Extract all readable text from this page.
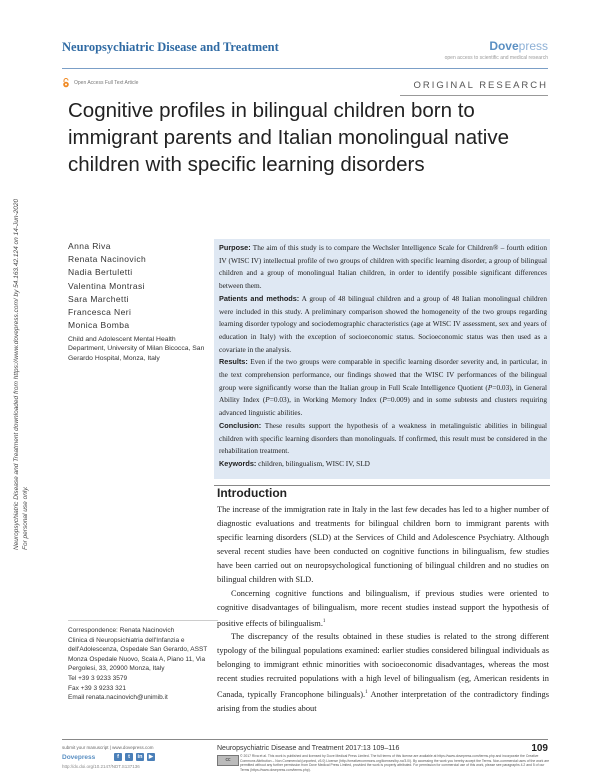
Neuropsychiatric Disease and Treatment	Dovepress
open access to scientific and medical research
Open Access Full Text Article	ORIGINAL RESEARCH
Cognitive profiles in bilingual children born to immigrant parents and Italian monolingual native children with specific learning disorders
Neuropsychiatric Disease and Treatment downloaded from https://www.dovepress.com/ by 54.163.42.124 on 14-Jun-2020 For personal use only.
Anna Riva
Renata Nacinovich
Nadia Bertuletti
Valentina Montrasi
Sara Marchetti
Francesca Neri
Monica Bomba
Child and Adolescent Mental Health Department, University of Milan Bicocca, San Gerardo Hospital, Monza, Italy
Correspondence: Renata Nacinovich
Clinica di Neuropsichiatria dell'Infanzia e dell'Adolescenza, Ospedale San Gerardo, ASST Monza Ospedale Nuovo, Scala A, Piano 11, Via Pergolesi, 33, 20900 Monza, Italy
Tel +39 3 9233 3579
Fax +39 3 9233 321
Email renata.nacinovich@unimib.it

Purpose: The aim of this study is to compare the Wechsler Intelligence Scale for Children® – fourth edition IV (WISC IV) intellectual profile of two groups of children with specific learning disorder, a group of bilingual children and a group of monolingual Italian children, in order to identify possible significant differences between them.

Patients and methods: A group of 48 bilingual children and a group of 48 Italian monolingual children were included in this study. A preliminary comparison showed the homogeneity of the two groups regarding learning disorder typology and sociodemographic characteristics (age at WISC IV assessment, sex and years of education in Italy) with the exception of socioeconomic status. Socioeconomic status was then used as a covariate in the analysis.

Results: Even if the two groups were comparable in specific learning disorder severity and, in particular, in the text comprehension performance, our findings showed that the WISC IV performances of the bilingual group were significantly worse than the Italian group in Full Scale Intelligence Quotient (P=0.03), in General Ability Index (P=0.03), in Working Memory Index (P=0.009) and in some subtests and clusters requiring advanced linguistic abilities.

Conclusion: These results support the hypothesis of a weakness in metalinguistic abilities in bilingual children with specific learning disorders than monolinguals. If confirmed, this result must be considered in the rehabilitation treatment.

Keywords: children, bilingualism, WISC IV, SLD

Introduction

The increase of the immigration rate in Italy in the last few decades has led to a higher number of diagnostic evaluations and treatments for bilingual children born to immigrant parents with specific learning disorders (SLD) at the Services of Child and Adolescence Psychiatry. Although several recent studies have been conducted on cognitive functions in bilingualism, few studies have been carried out on neuropsychological functioning of bilingual children and no studies on bilingual children with SLD.

Concerning cognitive functions and bilingualism, if previous studies were oriented to cognitive disadvantages of bilingualism, more recent studies instead support the hypothesis of positive effects of bilingualism.$^1$

The discrepancy of the results obtained in these studies is related to the strong different typology of the bilingual populations examined: earlier studies considered bilingual individuals as belonging to immigrant ethnic minorities with socioeconomic disadvantages, whereas the most recent studies recruited populations with a high level of bilingualism (eg, American residents in Canada, typically Francophone bilinguals).$^1$ Another interpretation of the contradictory findings arising from the studies about

submit your manuscript | www.dovepress.com
Dovepress	f	t	in	▶
http://dx.doi.org/10.2147/NDT.S137136
Neuropsychiatric Disease and Treatment 2017:13 109–116	109
cc
© 2017 Riva et al. This work is published and licensed by Dove Medical Press Limited. The full terms of this license are available at https://www.dovepress.com/terms.php and incorporate the Creative Commons Attribution – Non Commercial (unported, v3.0) License (http://creativecommons.org/licenses/by-nc/3.0/). By accessing the work you hereby accept the Terms. Non-commercial uses of the work are permitted without any further permission from Dove Medical Press Limited, provided the work is properly attributed. For permission for commercial use of this work, please see paragraphs 4.2 and 5 of our Terms (https://www.dovepress.com/terms.php).
